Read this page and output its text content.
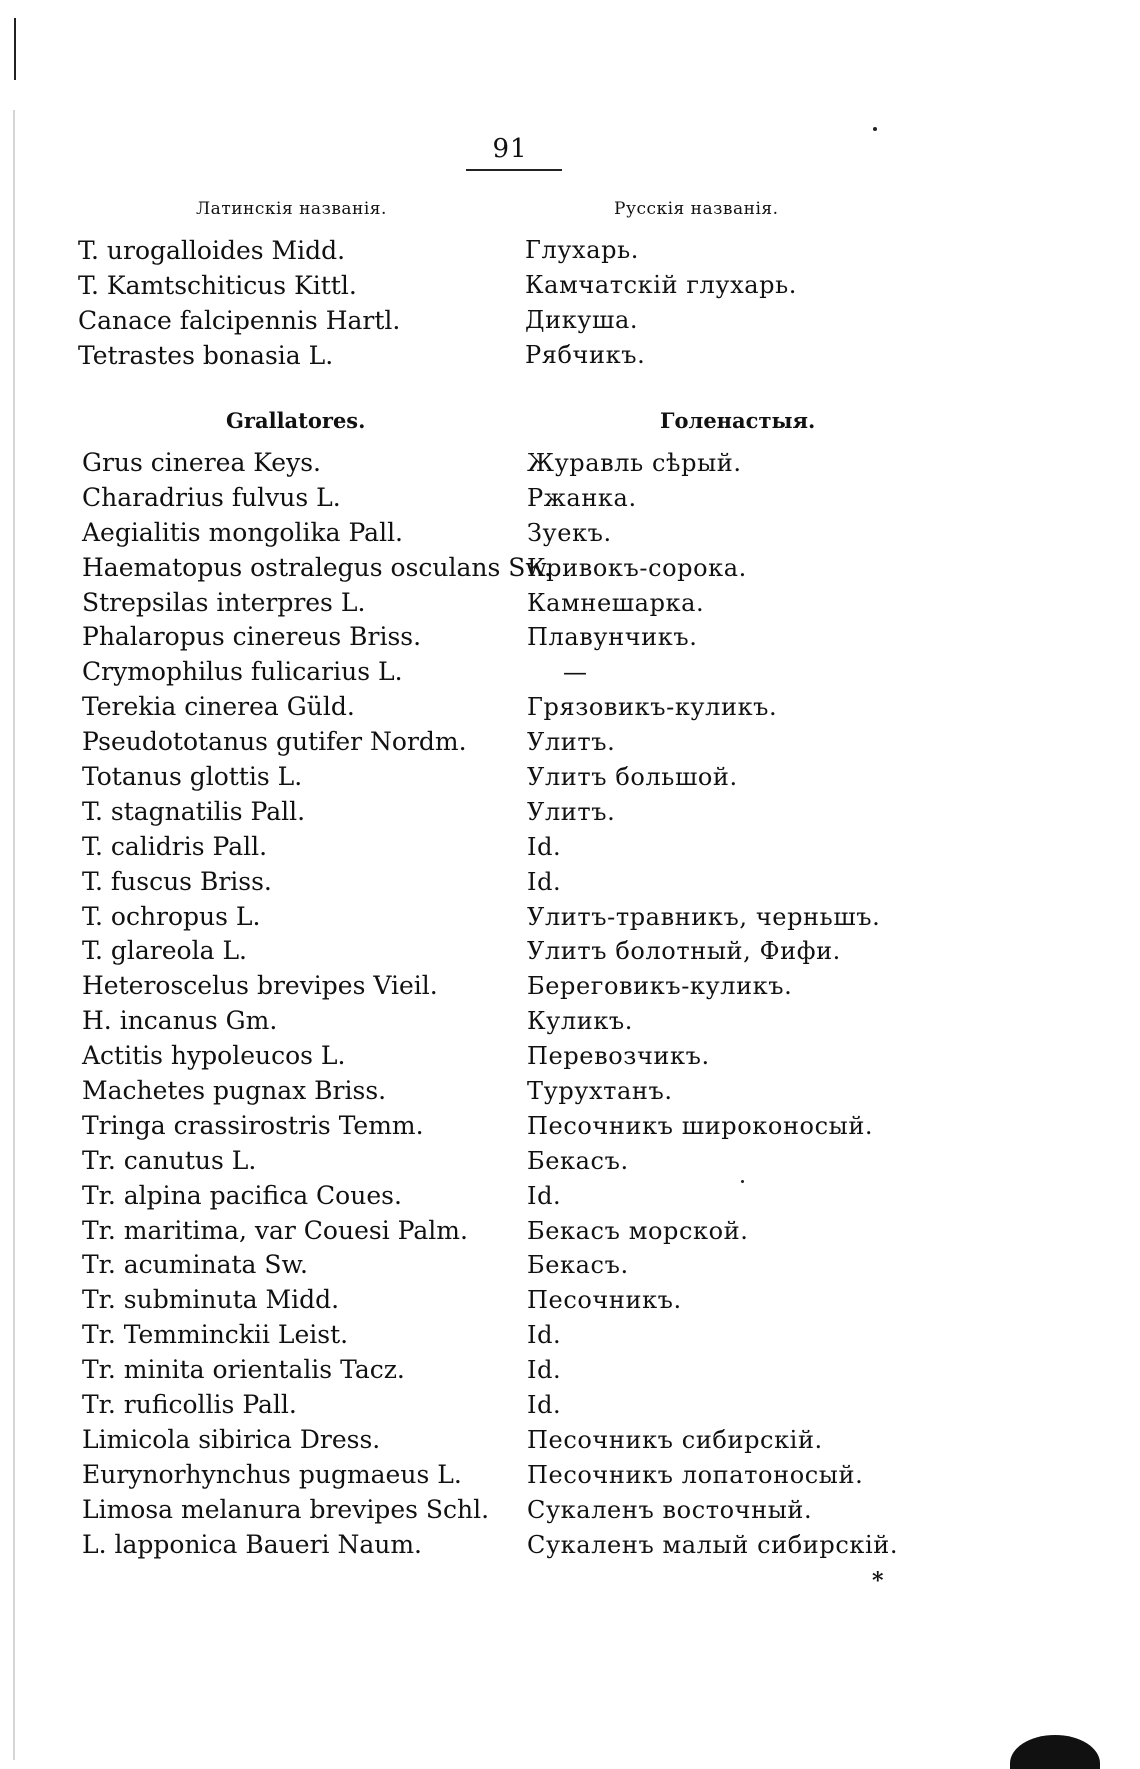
91
Латинскія названія.	Русскія названія.
T. urogalloides Midd.
T. Kamtschiticus Kittl.
Canace falcipennis Hartl.
Tetrastes bonasia L.
Глухарь.
Камчатскій глухарь.
Дикуша.
Рябчикъ.
Grallatores.	Голенастыя.
Grus cinerea Keys.
Charadrius fulvus L.
Aegialitis mongolika Pall.
Haematopus ostralegus osculans Sw.
Strepsilas interpres L.
Phalaropus cinereus Briss.
Crymophilus fulicarius L.
Terekia cinerea Güld.
Pseudototanus gutifer Nordm.
Totanus glottis L.
T. stagnatilis Pall.
T. calidris Pall.
T. fuscus Briss.
T. ochropus L.
T. glareola L.
Heteroscelus brevipes Vieil.
H. incanus Gm.
Actitis hypoleucos L.
Machetes pugnax Briss.
Tringa crassirostris Temm.
Tr. canutus L.
Tr. alpina pacifica Coues.
Tr. maritima, var Couesi Palm.
Tr. acuminata Sw.
Tr. subminuta Midd.
Tr. Temminckii Leist.
Tr. minita orientalis Tacz.
Tr. ruficollis Pall.
Limicola sibirica Dress.
Eurynorhynchus pugmaeus L.
Limosa melanura brevipes Schl.
L. lapponica Baueri Naum.
Журавль сѣрый.
Ржанка.
Зуекъ.
Кривокъ-сорока.
Камнешарка.
Плавунчикъ.
—
Грязовикъ-куликъ.
Улитъ.
Улитъ большой.
Улитъ.
Id.
Id.
Улитъ-травникъ, черньшъ.
Улитъ болотный, Фифи.
Береговикъ-куликъ.
Куликъ.
Перевозчикъ.
Турухтанъ.
Песочникъ широконосый.
Бекасъ.
Id.
Бекасъ морской.
Бекасъ.
Песочникъ.
Id.
Id.
Id.
Песочникъ сибирскій.
Песочникъ лопатоносый.
Сукаленъ восточный.
Сукаленъ малый сибирскій.
*
